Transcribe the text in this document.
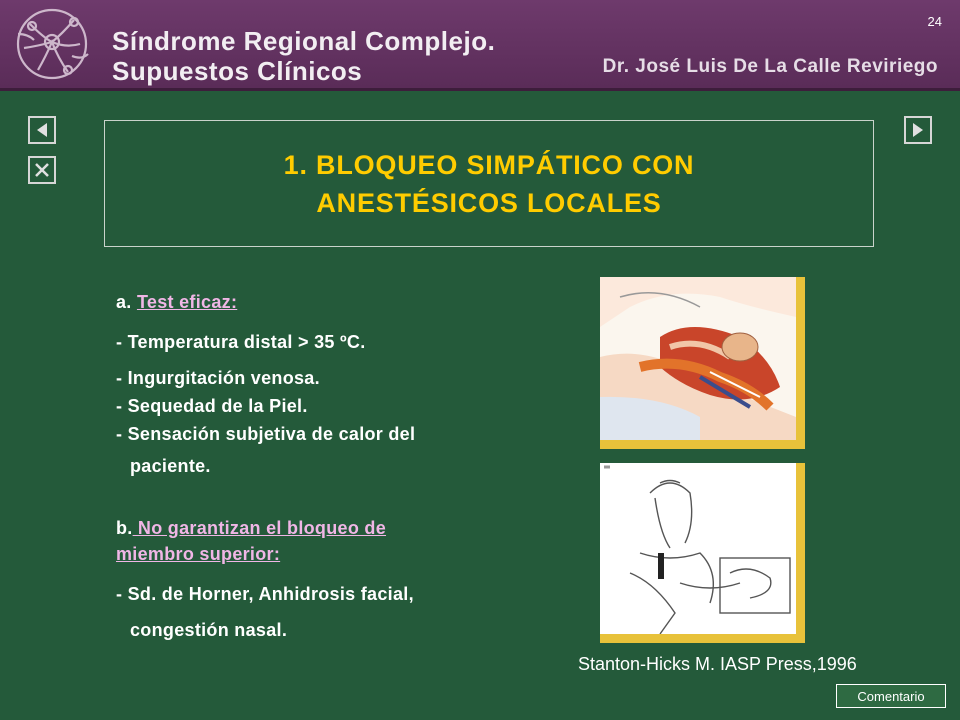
Síndrome Regional Complejo.
Supuestos Clínicos	Dr. José Luis De La Calle Reviriego
24
1. BLOQUEO SIMPÁTICO CON
ANESTÉSICOS LOCALES
a. Test eficaz:
- Temperatura distal > 35 ºC.
- Ingurgitación venosa.
- Sequedad de la Piel.
- Sensación subjetiva de calor del
paciente.
b. No garantizan el bloqueo de
miembro superior:
- Sd. de Horner, Anhidrosis facial,
congestión nasal.
Stanton-Hicks M. IASP Press,1996
Comentario
